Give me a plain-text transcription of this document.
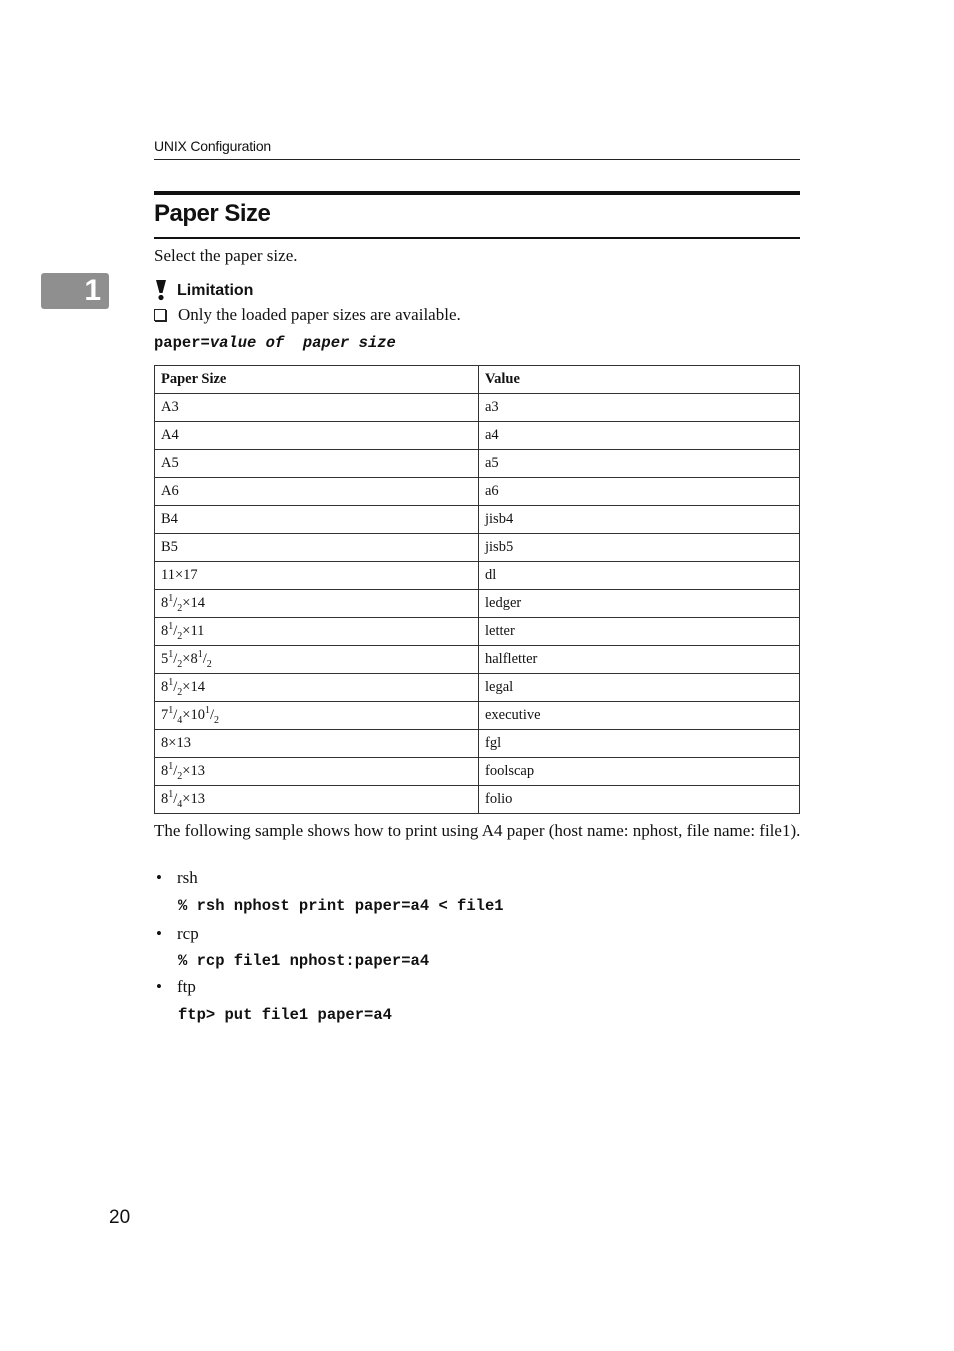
UNIX Configuration
Paper Size
Select the paper size.
1	Limitation
Only the loaded paper sizes are available.
paper=value of  paper size
Paper Size	Value
A3	a3
A4	a4
A5	a5
A6	a6
B4	jisb4
B5	jisb5
11×17	dl
$8^1/_2\times 14$	ledger
$8^1/_2\times 11$	letter
$5^1/_2\times 8^1/_2$	halfletter
$8^1/_2\times 14$	legal
$7^1/_4\times 10^1/_2$	executive
8×13	fgl
$8^1/_2\times 13$	foolscap
$8^1/_4\times 13$	folio
The following sample shows how to print using A4 paper (host name: nphost, file name: file1).
• rsh
% rsh nphost print paper=a4 < file1
• rcp
% rcp file1 nphost:paper=a4
• ftp
ftp> put file1 paper=a4
20
